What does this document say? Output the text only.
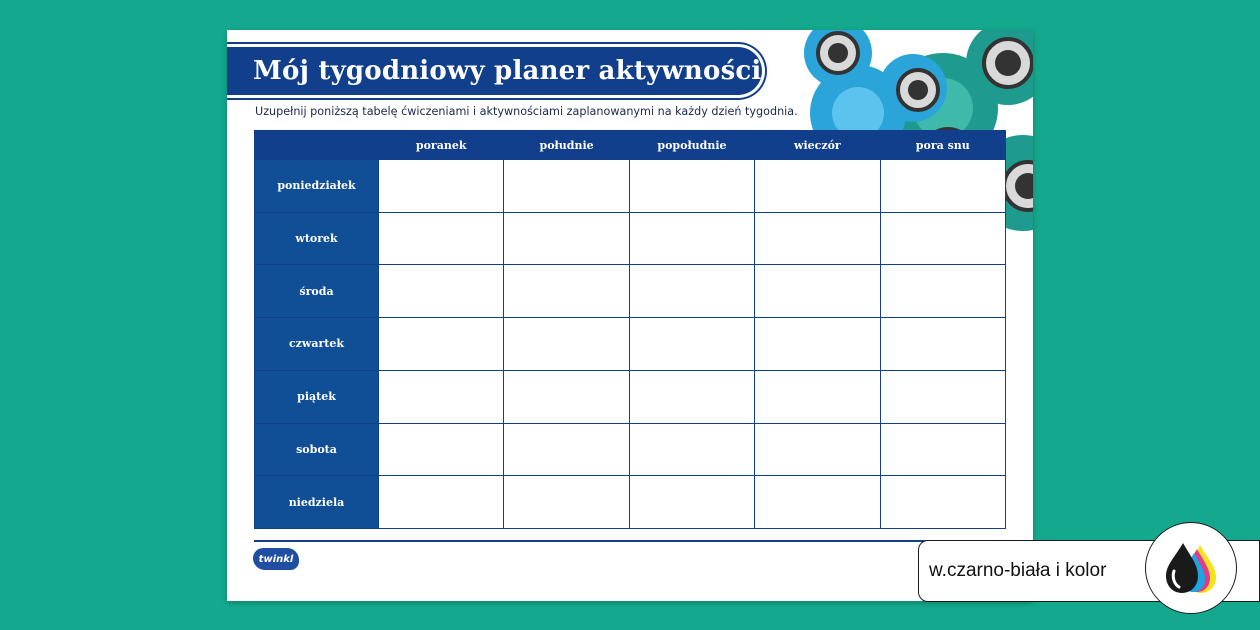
Mój tygodniowy planer aktywności
Uzupełnij poniższą tabelę ćwiczeniami i aktywnościami zaplanowanymi na każdy dzień tygodnia.
	poranek	południe	popołudnie	wieczór	pora snu
poniedziałek					
wtorek					
środa					
czwartek					
piątek					
sobota					
niedziela					
twinkl
w.czarno-biała i kolor
